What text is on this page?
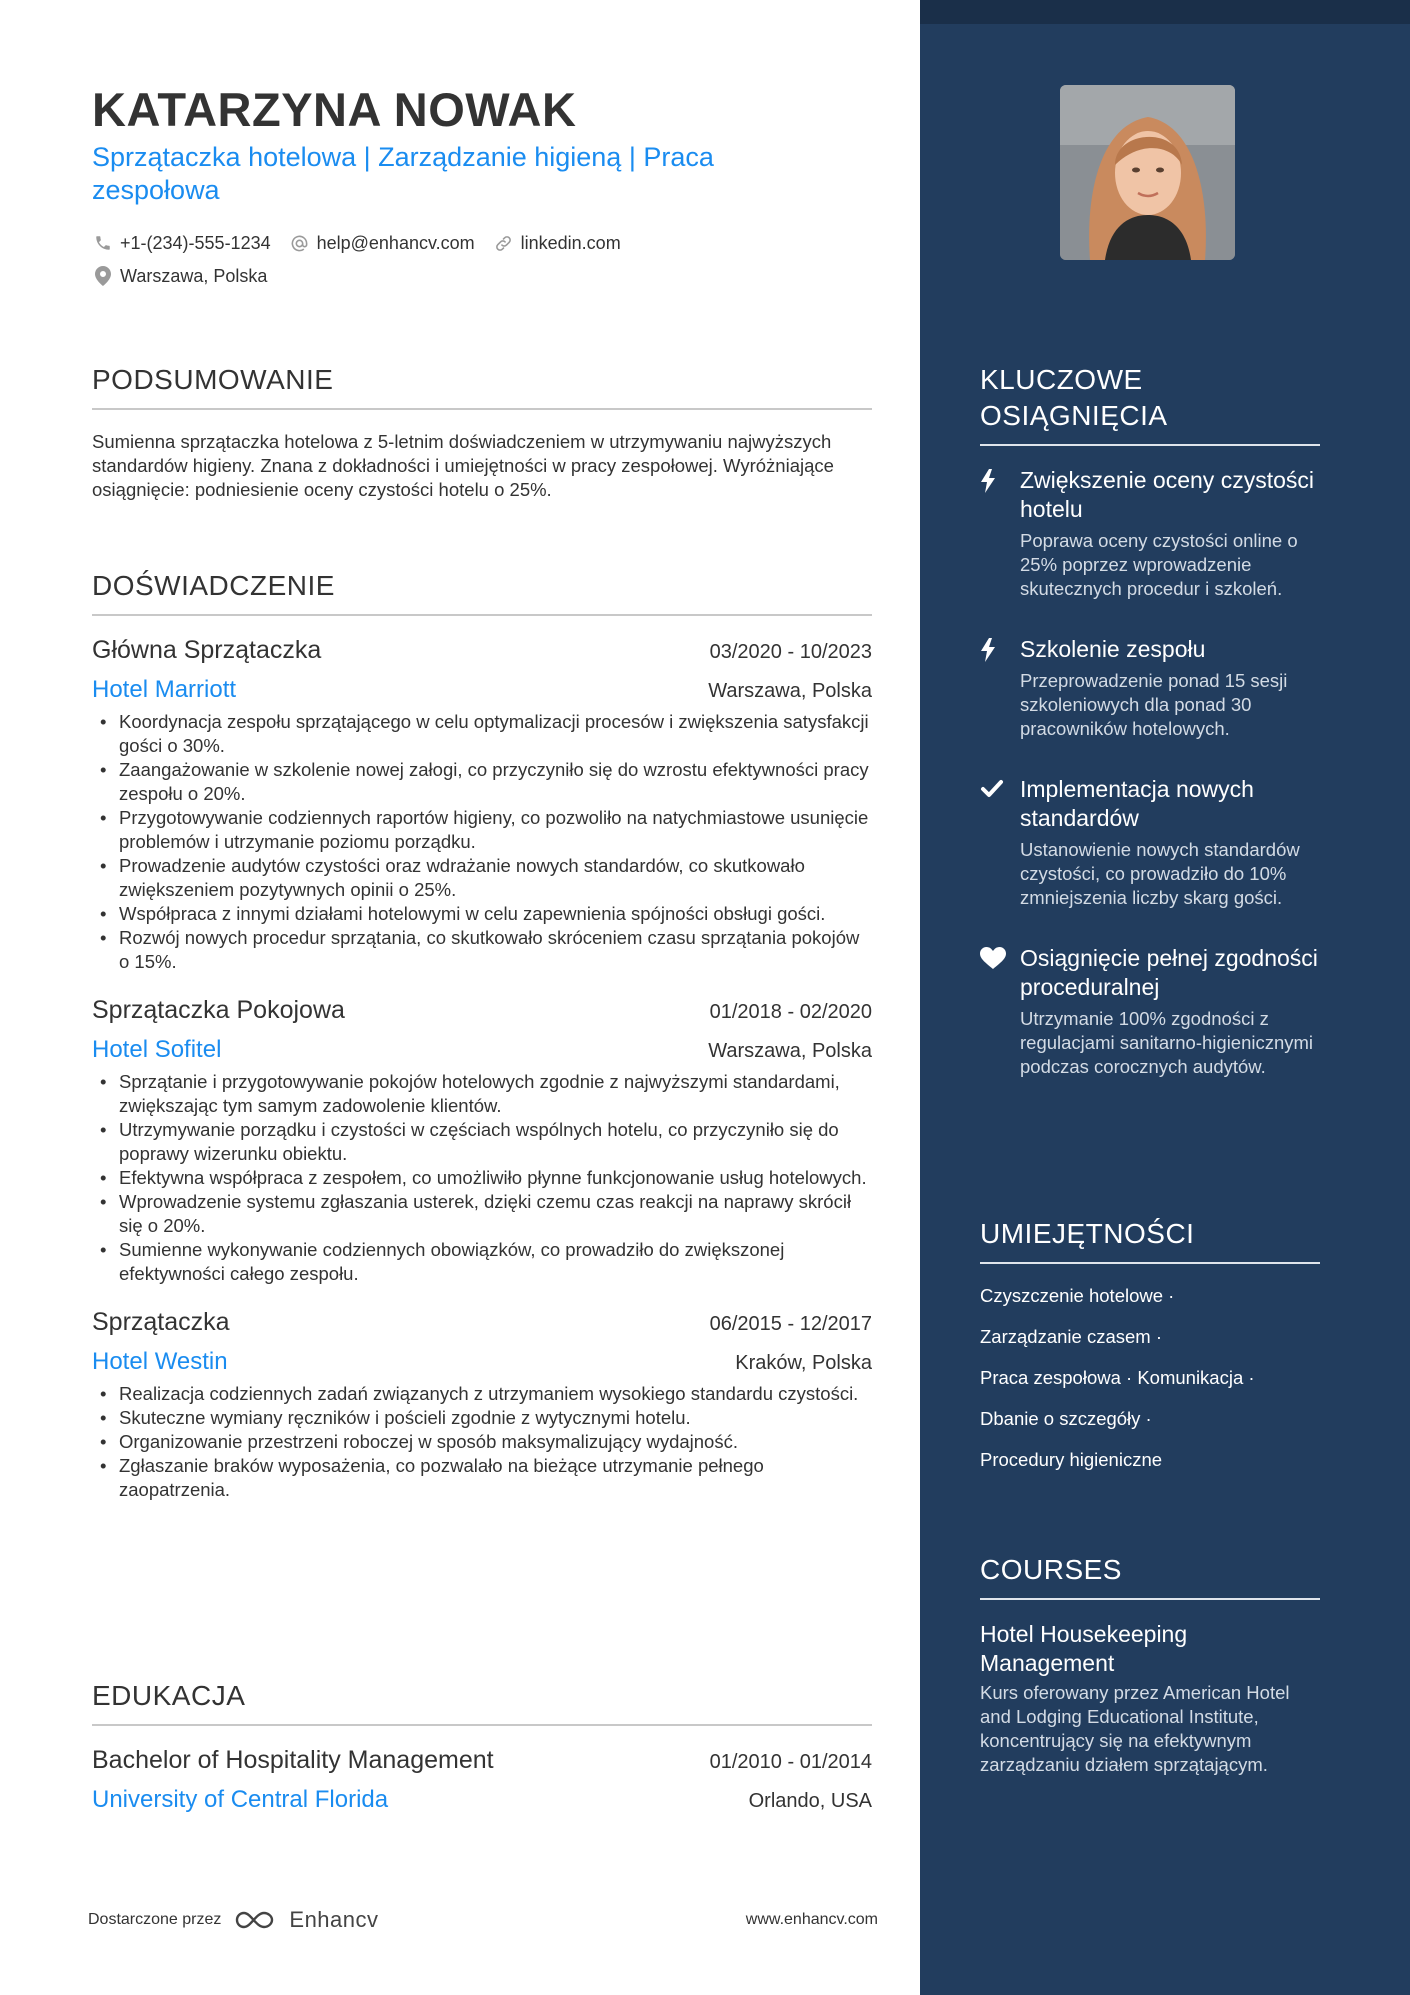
KATARZYNA NOWAK
Sprzątaczka hotelowa | Zarządzanie higieną | Praca zespołowa
+1-(234)-555-1234	help@enhancv.com	linkedin.com
Warszawa, Polska
PODSUMOWANIE
Sumienna sprzątaczka hotelowa z 5-letnim doświadczeniem w utrzymywaniu najwyższych standardów higieny. Znana z dokładności i umiejętności w pracy zespołowej. Wyróżniające osiągnięcie: podniesienie oceny czystości hotelu o 25%.
DOŚWIADCZENIE
Główna Sprzątaczka	03/2020 - 10/2023
Hotel Marriott	Warszawa, Polska
• Koordynacja zespołu sprzątającego w celu optymalizacji procesów i zwiększenia satysfakcji gości o 30%.
• Zaangażowanie w szkolenie nowej załogi, co przyczyniło się do wzrostu efektywności pracy zespołu o 20%.
• Przygotowywanie codziennych raportów higieny, co pozwoliło na natychmiastowe usunięcie problemów i utrzymanie poziomu porządku.
• Prowadzenie audytów czystości oraz wdrażanie nowych standardów, co skutkowało zwiększeniem pozytywnych opinii o 25%.
• Współpraca z innymi działami hotelowymi w celu zapewnienia spójności obsługi gości.
• Rozwój nowych procedur sprzątania, co skutkowało skróceniem czasu sprzątania pokojów o 15%.
Sprzątaczka Pokojowa	01/2018 - 02/2020
Hotel Sofitel	Warszawa, Polska
• Sprzątanie i przygotowywanie pokojów hotelowych zgodnie z najwyższymi standardami, zwiększając tym samym zadowolenie klientów.
• Utrzymywanie porządku i czystości w częściach wspólnych hotelu, co przyczyniło się do poprawy wizerunku obiektu.
• Efektywna współpraca z zespołem, co umożliwiło płynne funkcjonowanie usług hotelowych.
• Wprowadzenie systemu zgłaszania usterek, dzięki czemu czas reakcji na naprawy skrócił się o 20%.
• Sumienne wykonywanie codziennych obowiązków, co prowadziło do zwiększonej efektywności całego zespołu.
Sprzątaczka	06/2015 - 12/2017
Hotel Westin	Kraków, Polska
• Realizacja codziennych zadań związanych z utrzymaniem wysokiego standardu czystości.
• Skuteczne wymiany ręczników i pościeli zgodnie z wytycznymi hotelu.
• Organizowanie przestrzeni roboczej w sposób maksymalizujący wydajność.
• Zgłaszanie braków wyposażenia, co pozwalało na bieżące utrzymanie pełnego zaopatrzenia.
EDUKACJA
Bachelor of Hospitality Management	01/2010 - 01/2014
University of Central Florida	Orlando, USA
Dostarczone przez	Enhancv	www.enhancv.com
KLUCZOWE OSIĄGNIĘCIA
Zwiększenie oceny czystości hotelu
Poprawa oceny czystości online o 25% poprzez wprowadzenie skutecznych procedur i szkoleń.
Szkolenie zespołu
Przeprowadzenie ponad 15 sesji szkoleniowych dla ponad 30 pracowników hotelowych.
Implementacja nowych standardów
Ustanowienie nowych standardów czystości, co prowadziło do 10% zmniejszenia liczby skarg gości.
Osiągnięcie pełnej zgodności proceduralnej
Utrzymanie 100% zgodności z regulacjami sanitarno-higienicznymi podczas corocznych audytów.
UMIEJĘTNOŚCI
Czyszczenie hotelowe ·
Zarządzanie czasem ·
Praca zespołowa · Komunikacja ·
Dbanie o szczegóły ·
Procedury higieniczne
COURSES
Hotel Housekeeping Management
Kurs oferowany przez American Hotel and Lodging Educational Institute, koncentrujący się na efektywnym zarządzaniu działem sprzątającym.
